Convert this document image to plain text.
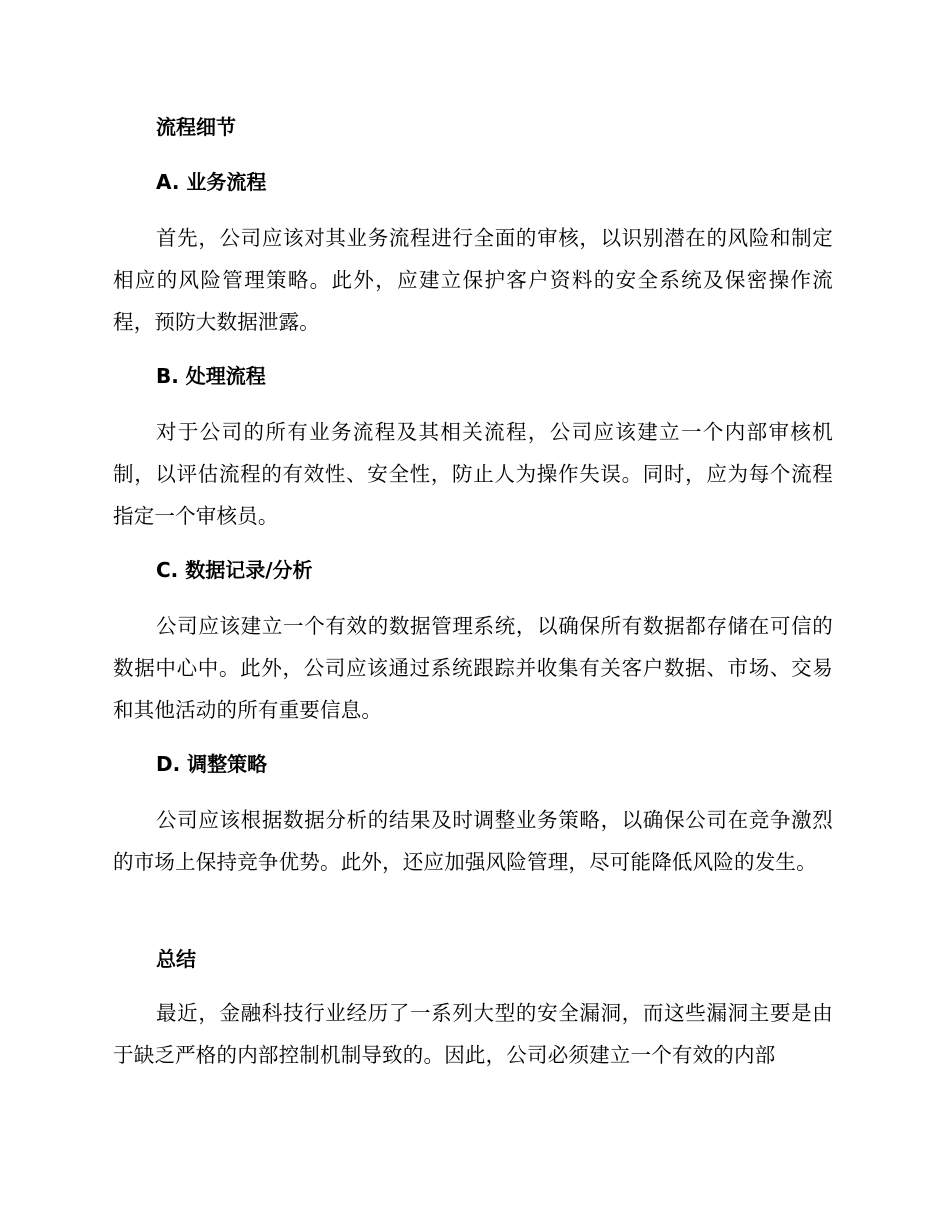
流程细节
A. 业务流程
首先，公司应该对其业务流程进行全面的审核，以识别潜在的风险和制定相应的风险管理策略。此外，应建立保护客户资料的安全系统及保密操作流程，预防大数据泄露。
B. 处理流程
对于公司的所有业务流程及其相关流程，公司应该建立一个内部审核机制，以评估流程的有效性、安全性，防止人为操作失误。同时，应为每个流程指定一个审核员。
C. 数据记录/分析
公司应该建立一个有效的数据管理系统，以确保所有数据都存储在可信的数据中心中。此外，公司应该通过系统跟踪并收集有关客户数据、市场、交易和其他活动的所有重要信息。
D. 调整策略
公司应该根据数据分析的结果及时调整业务策略，以确保公司在竞争激烈的市场上保持竞争优势。此外，还应加强风险管理，尽可能降低风险的发生。
总结
最近，金融科技行业经历了一系列大型的安全漏洞，而这些漏洞主要是由于缺乏严格的内部控制机制导致的。因此，公司必须建立一个有效的内部
